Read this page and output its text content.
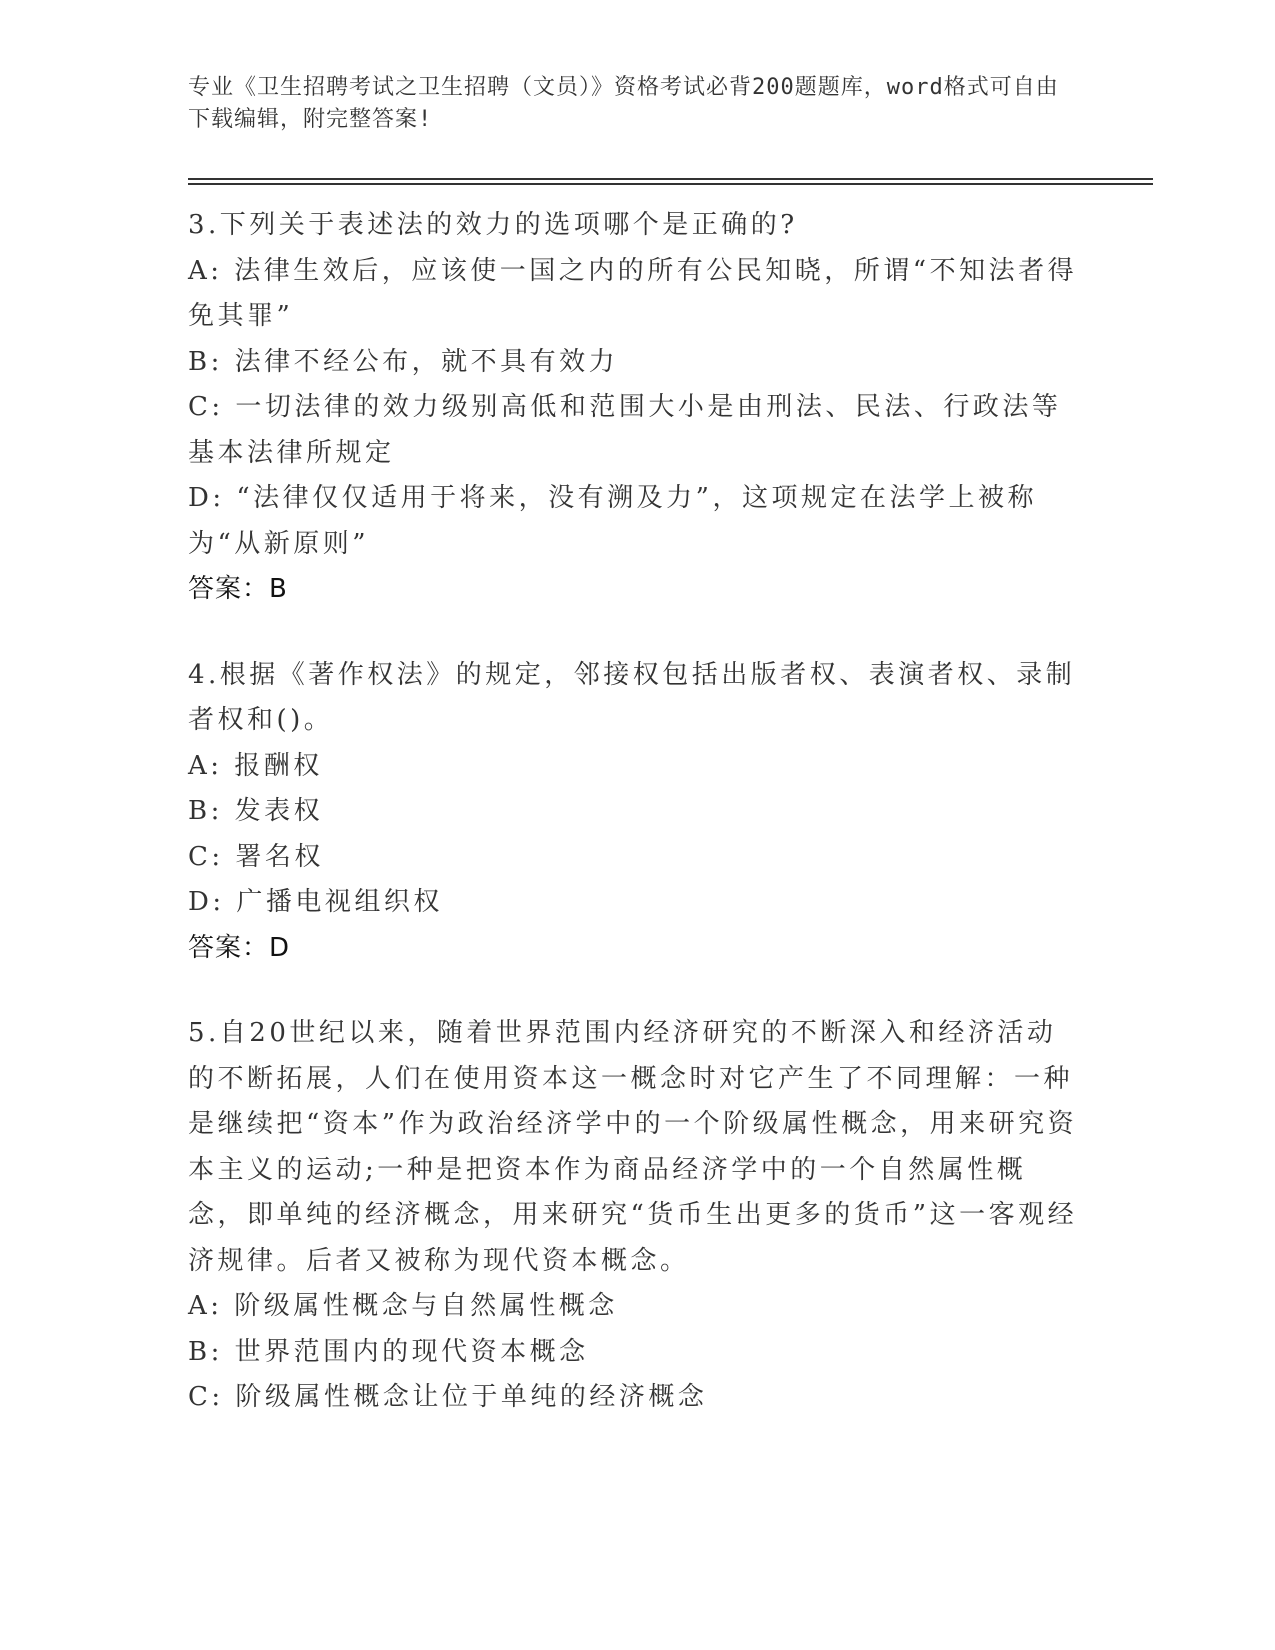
专业《卫生招聘考试之卫生招聘（文员）》资格考试必背200题题库，word格式可自由下载编辑，附完整答案!

3.下列关于表述法的效力的选项哪个是正确的?

A: 法律生效后，应该使一国之内的所有公民知晓，所谓“不知法者得免其罪”

B: 法律不经公布，就不具有效力

C: 一切法律的效力级别高低和范围大小是由刑法、民法、行政法等基本法律所规定

D: “法律仅仅适用于将来，没有溯及力”，这项规定在法学上被称为“从新原则”

答案：B

4.根据《著作权法》的规定，邻接权包括出版者权、表演者权、录制者权和()。

A: 报酬权

B: 发表权

C: 署名权

D: 广播电视组织权

答案：D

5.自20世纪以来，随着世界范围内经济研究的不断深入和经济活动的不断拓展，人们在使用资本这一概念时对它产生了不同理解：一种是继续把“资本”作为政治经济学中的一个阶级属性概念，用来研究资本主义的运动;一种是把资本作为商品经济学中的一个自然属性概念，即单纯的经济概念，用来研究“货币生出更多的货币”这一客观经济规律。后者又被称为现代资本概念。

A: 阶级属性概念与自然属性概念

B: 世界范围内的现代资本概念

C: 阶级属性概念让位于单纯的经济概念
